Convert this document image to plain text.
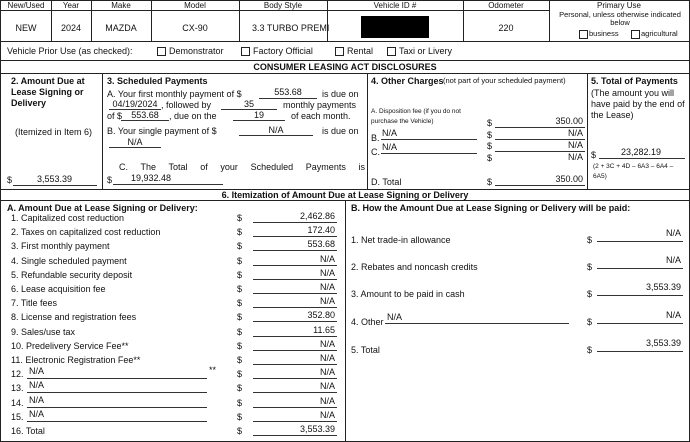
New/Used	Year	Make	Model	Body Style	Vehicle ID #	Odometer	Primary Use
NEW	2024	MAZDA	CX-90	3.3 TURBO PREMI	220
Personal, unless otherwise indicated below
business	agricultural
Vehicle Prior Use (as checked):	Demonstrator	Factory Official	Rental	Taxi or Livery
CONSUMER LEASING ACT DISCLOSURES
2. Amount Due at Lease Signing or Delivery
(Itemized in Item 6)
$	3,553.39
3. Scheduled Payments
A. Your first monthly payment of $	553.68	is due on
04/19/2024 , followed by	35	monthly payments
of $	553.68	, due on the	19	of each month.
B. Your single payment of $	N/A	is due on
N/A
C. The Total of your Scheduled Payments is
$ 19,932.48
4. Other Charges (not part of your scheduled payment)
A. Disposition fee (if you do not purchase the Vehicle)	$	350.00
$	N/A
B. N/A
$	N/A
C. N/A
$	N/A
D. Total	$	350.00
5. Total of Payments
(The amount you will have paid by the end of the Lease)
$	23,282.19
(2 + 3C + 4D – 6A3 – 6A4 – 6A5)
6. Itemization of Amount Due at Lease Signing or Delivery
A. Amount Due at Lease Signing or Delivery:
1. Capitalized cost reduction	$	2,462.86
2. Taxes on capitalized cost reduction	$	172.40
3. First monthly payment	$	553.68
4. Single scheduled payment	$	N/A
5. Refundable security deposit	$	N/A
6. Lease acquisition fee	$	N/A
7. Title fees	$	N/A
8. License and registration fees	$	352.80
9. Sales/use tax	$	11.65
10. Predelivery Service Fee**	$	N/A
11. Electronic Registration Fee**	$	N/A
12. N/A	** $	N/A
13. N/A	$	N/A
14. N/A	$	N/A
15. N/A	$	N/A
16. Total	$	3,553.39
B. How the Amount Due at Lease Signing or Delivery will be paid:
1. Net trade-in allowance	$
N/A
2. Rebates and noncash credits	$
N/A
3. Amount to be paid in cash	$
3,553.39
4. Other N/A	$
N/A
5. Total	$
3,553.39
